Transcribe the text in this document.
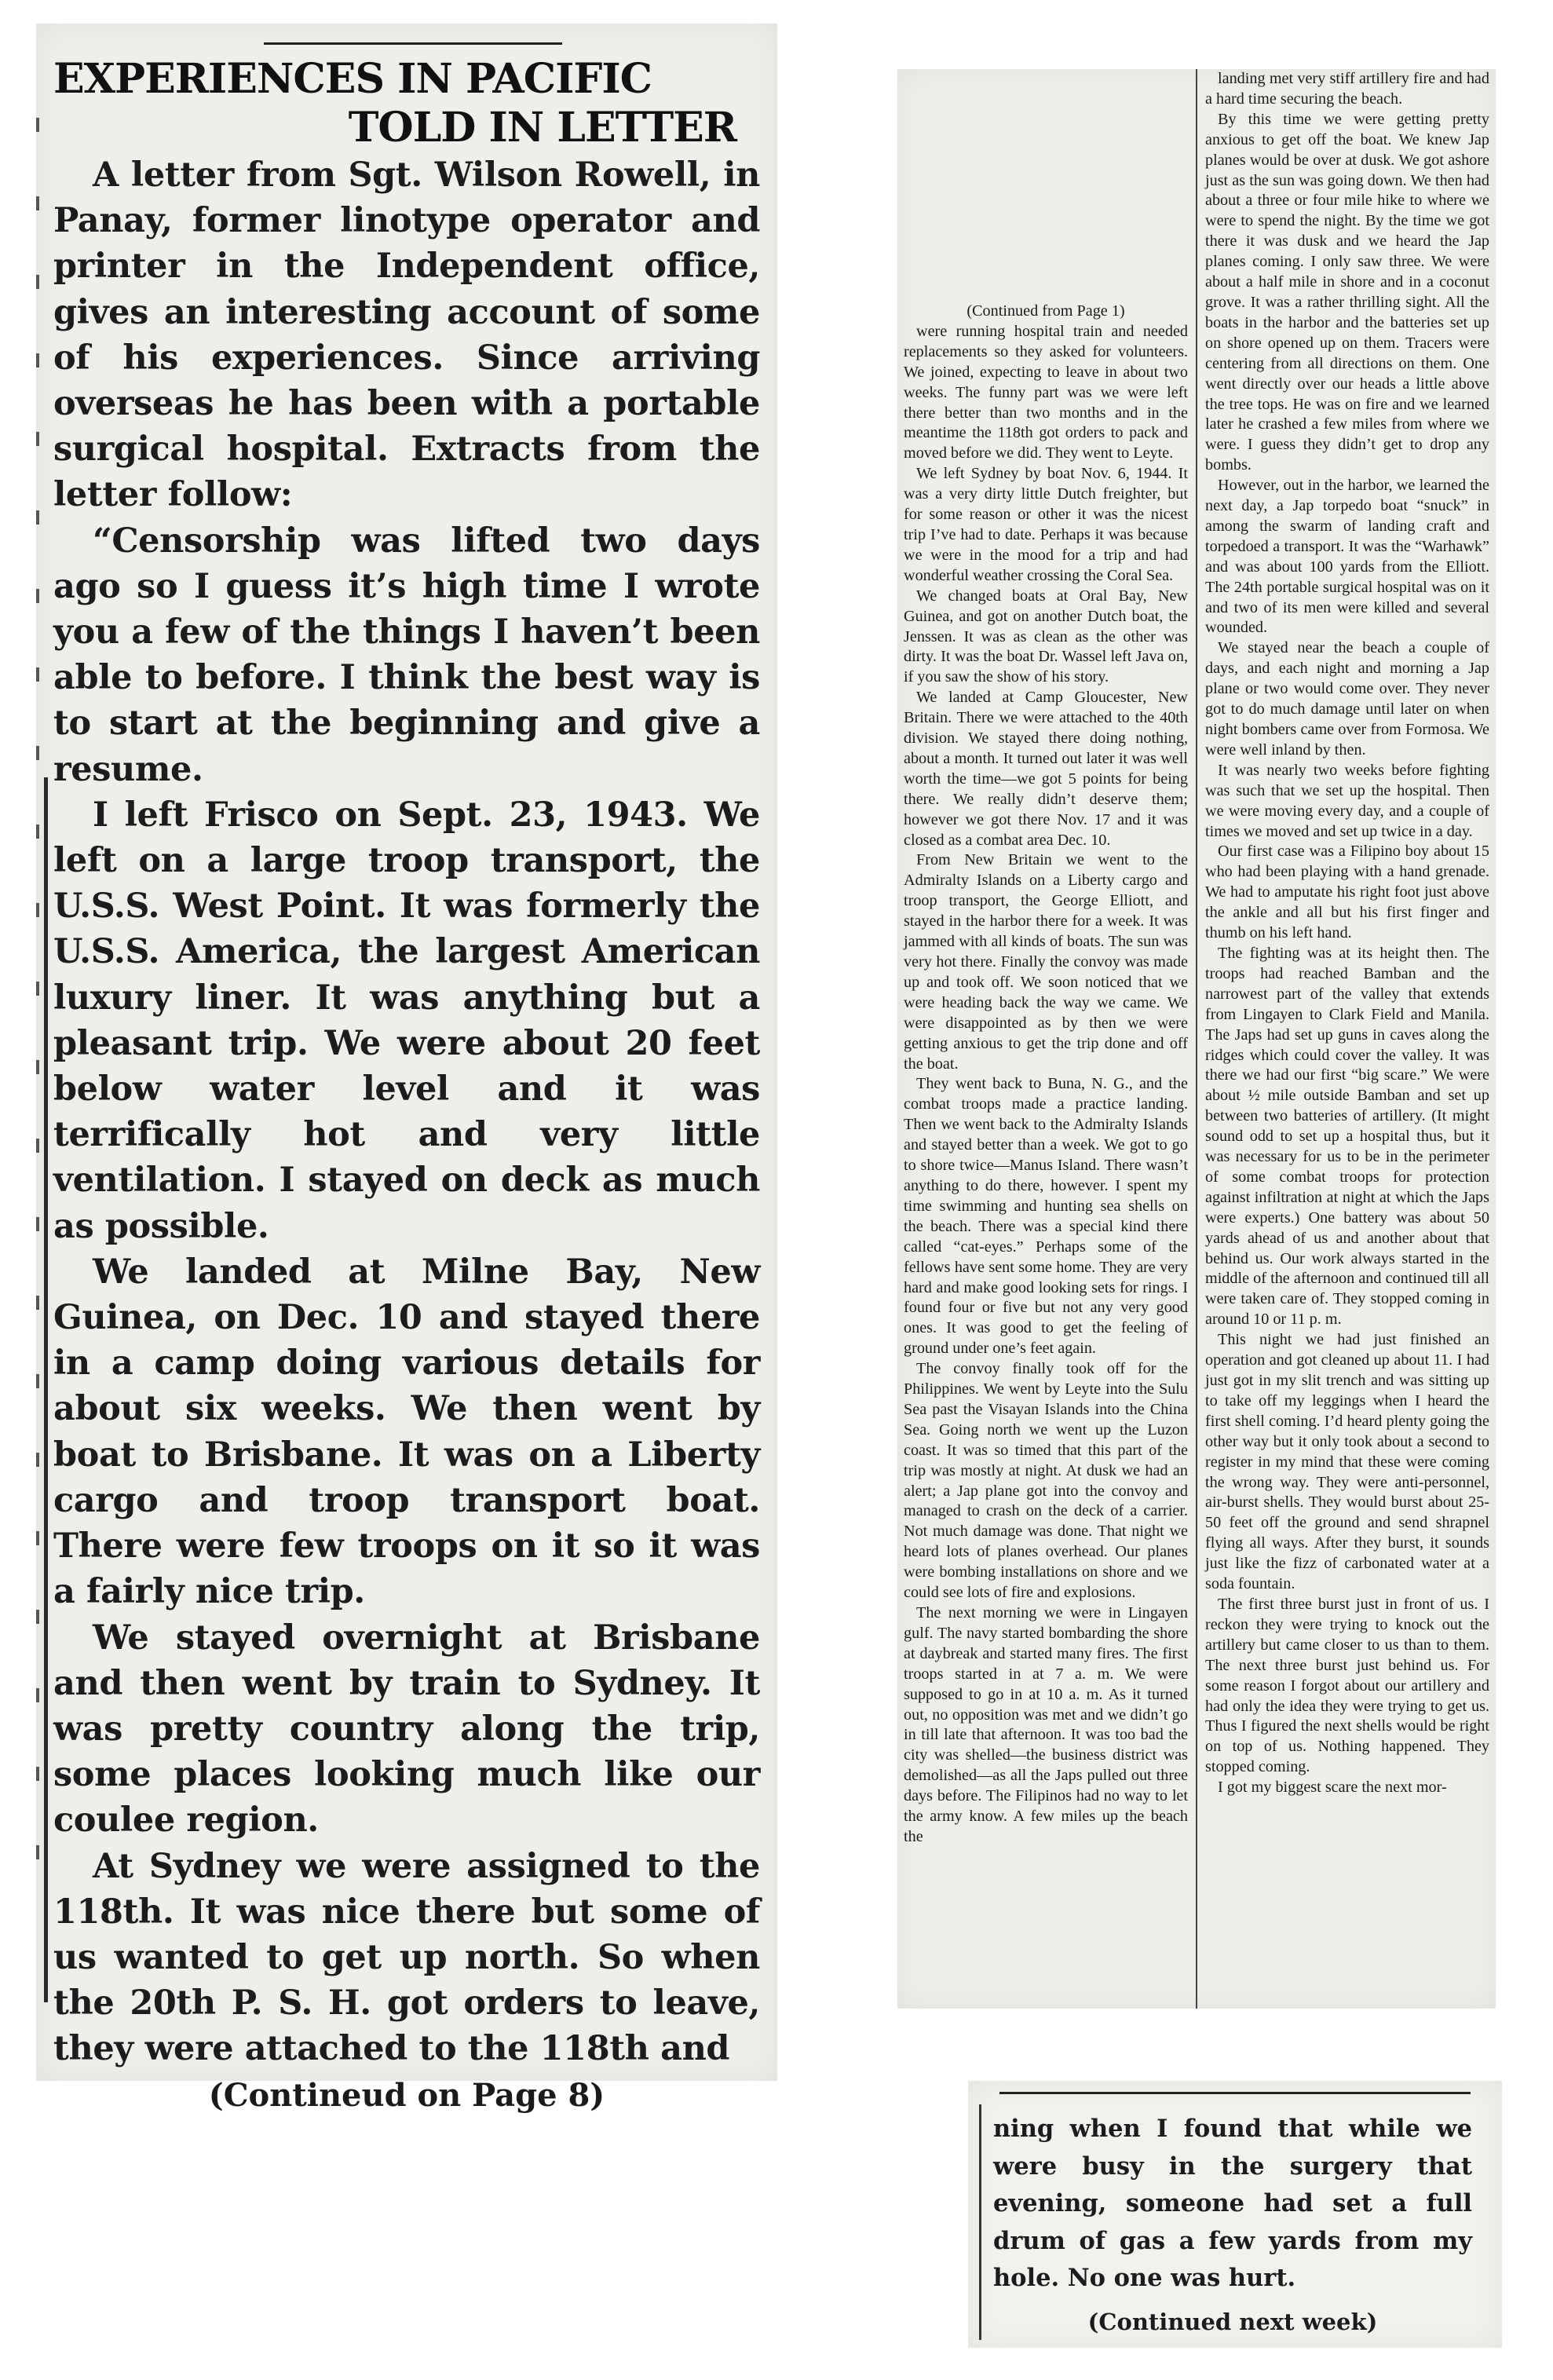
EXPERIENCES IN PACIFIC
TOLD IN LETTER

A letter from Sgt. Wilson Rowell, in Panay, former linotype operator and printer in the Independent office, gives an interesting account of some of his experiences. Since arriving overseas he has been with a portable surgical hospital. Extracts from the letter follow:

“Censorship was lifted two days ago so I guess it’s high time I wrote you a few of the things I haven’t been able to before. I think the best way is to start at the beginning and give a resume.

I left Frisco on Sept. 23, 1943. We left on a large troop transport, the U.S.S. West Point. It was formerly the U.S.S. America, the largest American luxury liner. It was anything but a pleasant trip. We were about 20 feet below water level and it was terrifically hot and very little ventilation. I stayed on deck as much as possible.

We landed at Milne Bay, New Guinea, on Dec. 10 and stayed there in a camp doing various details for about six weeks. We then went by boat to Brisbane. It was on a Liberty cargo and troop transport boat. There were few troops on it so it was a fairly nice trip.

We stayed overnight at Brisbane and then went by train to Sydney. It was pretty country along the trip, some places looking much like our coulee region.

At Sydney we were assigned to the 118th. It was nice there but some of us wanted to get up north. So when the 20th P. S. H. got orders to leave, they were attached to the 118th and

(Contineud on Page 8)

(Continued from Page 1)

were running hospital train and needed replacements so they asked for volunteers. We joined, expecting to leave in about two weeks. The funny part was we were left there better than two months and in the meantime the 118th got orders to pack and moved before we did. They went to Leyte.

We left Sydney by boat Nov. 6, 1944. It was a very dirty little Dutch freighter, but for some reason or other it was the nicest trip I’ve had to date. Perhaps it was because we were in the mood for a trip and had wonderful weather crossing the Coral Sea.

We changed boats at Oral Bay, New Guinea, and got on another Dutch boat, the Jenssen. It was as clean as the other was dirty. It was the boat Dr. Wassel left Java on, if you saw the show of his story.

We landed at Camp Gloucester, New Britain. There we were attached to the 40th division. We stayed there doing nothing, about a month. It turned out later it was well worth the time—we got 5 points for being there. We really didn’t deserve them; however we got there Nov. 17 and it was closed as a combat area Dec. 10.

From New Britain we went to the Admiralty Islands on a Liberty cargo and troop transport, the George Elliott, and stayed in the harbor there for a week. It was jammed with all kinds of boats. The sun was very hot there. Finally the convoy was made up and took off. We soon noticed that we were heading back the way we came. We were disappointed as by then we were getting anxious to get the trip done and off the boat.

They went back to Buna, N. G., and the combat troops made a practice landing. Then we went back to the Admiralty Islands and stayed better than a week. We got to go to shore twice—Manus Island. There wasn’t anything to do there, however. I spent my time swimming and hunting sea shells on the beach. There was a special kind there called “cat-eyes.” Perhaps some of the fellows have sent some home. They are very hard and make good looking sets for rings. I found four or five but not any very good ones. It was good to get the feeling of ground under one’s feet again.

The convoy finally took off for the Philippines. We went by Leyte into the Sulu Sea past the Visayan Islands into the China Sea. Going north we went up the Luzon coast. It was so timed that this part of the trip was mostly at night. At dusk we had an alert; a Jap plane got into the convoy and managed to crash on the deck of a carrier. Not much damage was done. That night we heard lots of planes overhead. Our planes were bombing installations on shore and we could see lots of fire and explosions.

The next morning we were in Lingayen gulf. The navy started bombarding the shore at daybreak and started many fires. The first troops started in at 7 a. m. We were supposed to go in at 10 a. m. As it turned out, no opposition was met and we didn’t go in till late that afternoon. It was too bad the city was shelled—the business district was demolished—as all the Japs pulled out three days before. The Filipinos had no way to let the army know. A few miles up the beach the

landing met very stiff artillery fire and had a hard time securing the beach.

By this time we were getting pretty anxious to get off the boat. We knew Jap planes would be over at dusk. We got ashore just as the sun was going down. We then had about a three or four mile hike to where we were to spend the night. By the time we got there it was dusk and we heard the Jap planes coming. I only saw three. We were about a half mile in shore and in a coconut grove. It was a rather thrilling sight. All the boats in the harbor and the batteries set up on shore opened up on them. Tracers were centering from all directions on them. One went directly over our heads a little above the tree tops. He was on fire and we learned later he crashed a few miles from where we were. I guess they didn’t get to drop any bombs.

However, out in the harbor, we learned the next day, a Jap torpedo boat “snuck” in among the swarm of landing craft and torpedoed a transport. It was the “Warhawk” and was about 100 yards from the Elliott. The 24th portable surgical hospital was on it and two of its men were killed and several wounded.

We stayed near the beach a couple of days, and each night and morning a Jap plane or two would come over. They never got to do much damage until later on when night bombers came over from Formosa. We were well inland by then.

It was nearly two weeks before fighting was such that we set up the hospital. Then we were moving every day, and a couple of times we moved and set up twice in a day.

Our first case was a Filipino boy about 15 who had been playing with a hand grenade. We had to amputate his right foot just above the ankle and all but his first finger and thumb on his left hand.

The fighting was at its height then. The troops had reached Bamban and the narrowest part of the valley that extends from Lingayen to Clark Field and Manila. The Japs had set up guns in caves along the ridges which could cover the valley. It was there we had our first “big scare.” We were about ½ mile outside Bamban and set up between two batteries of artillery. (It might sound odd to set up a hospital thus, but it was necessary for us to be in the perimeter of some combat troops for protection against infiltration at night at which the Japs were experts.) One battery was about 50 yards ahead of us and another about that behind us. Our work always started in the middle of the afternoon and continued till all were taken care of. They stopped coming in around 10 or 11 p. m.

This night we had just finished an operation and got cleaned up about 11. I had just got in my slit trench and was sitting up to take off my leggings when I heard the first shell coming. I’d heard plenty going the other way but it only took about a second to register in my mind that these were coming the wrong way. They were anti-personnel, air-burst shells. They would burst about 25-50 feet off the ground and send shrapnel flying all ways. After they burst, it sounds just like the fizz of carbonated water at a soda fountain.

The first three burst just in front of us. I reckon they were trying to knock out the artillery but came closer to us than to them. The next three burst just behind us. For some reason I forgot about our artillery and had only the idea they were trying to get us. Thus I figured the next shells would be right on top of us. Nothing happened. They stopped coming.

I got my biggest scare the next mor-

ning when I found that while we were busy in the surgery that evening, someone had set a full drum of gas a few yards from my hole. No one was hurt.

(Continued next week)
